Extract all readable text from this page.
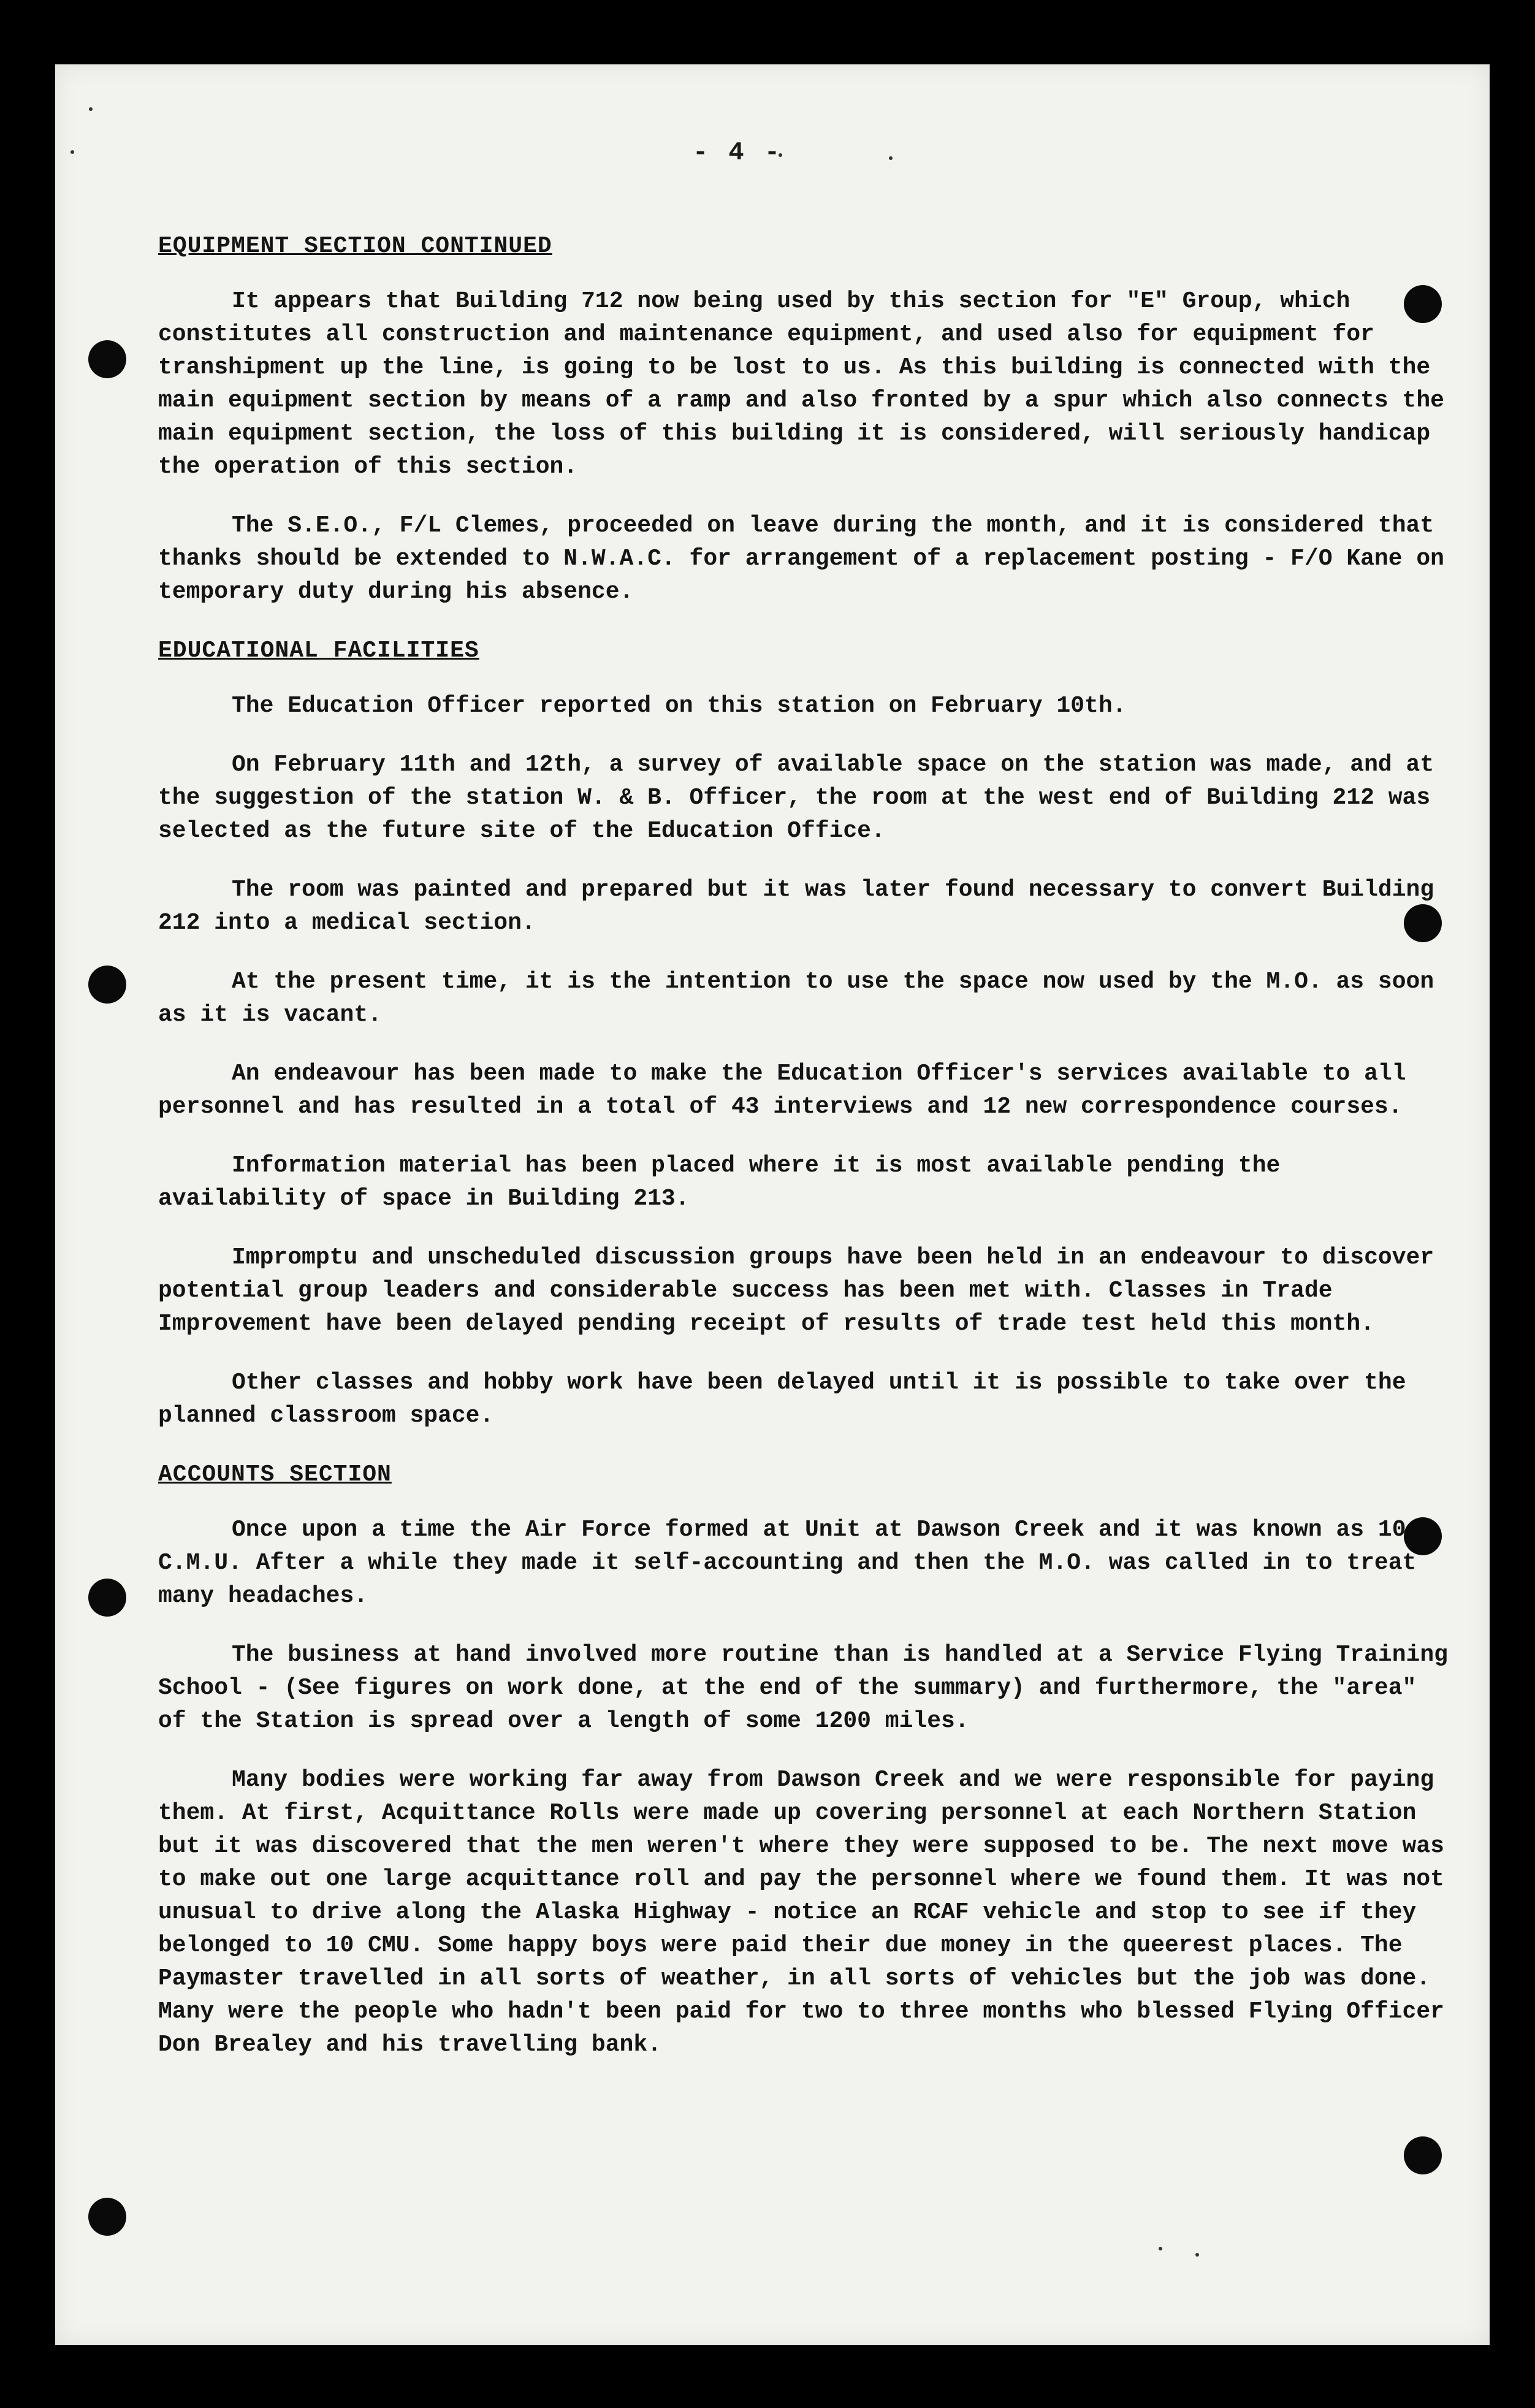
- 4 -
EQUIPMENT SECTION CONTINUED

It appears that Building 712 now being used by this section for "E" Group, which constitutes all construction and maintenance equipment, and used also for equipment for transhipment up the line, is going to be lost to us. As this building is connected with the main equipment section by means of a ramp and also fronted by a spur which also connects the main equipment section, the loss of this building it is considered, will seriously handicap the operation of this section.

The S.E.O., F/L Clemes, proceeded on leave during the month, and it is considered that thanks should be extended to N.W.A.C. for arrangement of a replacement posting - F/O Kane on temporary duty during his absence.

EDUCATIONAL FACILITIES

The Education Officer reported on this station on February 10th.

On February 11th and 12th, a survey of available space on the station was made, and at the suggestion of the station W. & B. Officer, the room at the west end of Building 212 was selected as the future site of the Education Office.

The room was painted and prepared but it was later found necessary to convert Building 212 into a medical section.

At the present time, it is the intention to use the space now used by the M.O. as soon as it is vacant.

An endeavour has been made to make the Education Officer's services available to all personnel and has resulted in a total of 43 interviews and 12 new correspondence courses.

Information material has been placed where it is most available pending the availability of space in Building 213.

Impromptu and unscheduled discussion groups have been held in an endeavour to discover potential group leaders and considerable success has been met with. Classes in Trade Improvement have been delayed pending receipt of results of trade test held this month.

Other classes and hobby work have been delayed until it is possible to take over the planned classroom space.

ACCOUNTS SECTION

Once upon a time the Air Force formed at Unit at Dawson Creek and it was known as 10 C.M.U. After a while they made it self-accounting and then the M.O. was called in to treat many headaches.

The business at hand involved more routine than is handled at a Service Flying Training School - (See figures on work done, at the end of the summary) and furthermore, the "area" of the Station is spread over a length of some 1200 miles.

Many bodies were working far away from Dawson Creek and we were responsible for paying them. At first, Acquittance Rolls were made up covering personnel at each Northern Station but it was discovered that the men weren't where they were supposed to be. The next move was to make out one large acquittance roll and pay the personnel where we found them. It was not unusual to drive along the Alaska Highway - notice an RCAF vehicle and stop to see if they belonged to 10 CMU. Some happy boys were paid their due money in the queerest places. The Paymaster travelled in all sorts of weather, in all sorts of vehicles but the job was done. Many were the people who hadn't been paid for two to three months who blessed Flying Officer Don Brealey and his travelling bank.
